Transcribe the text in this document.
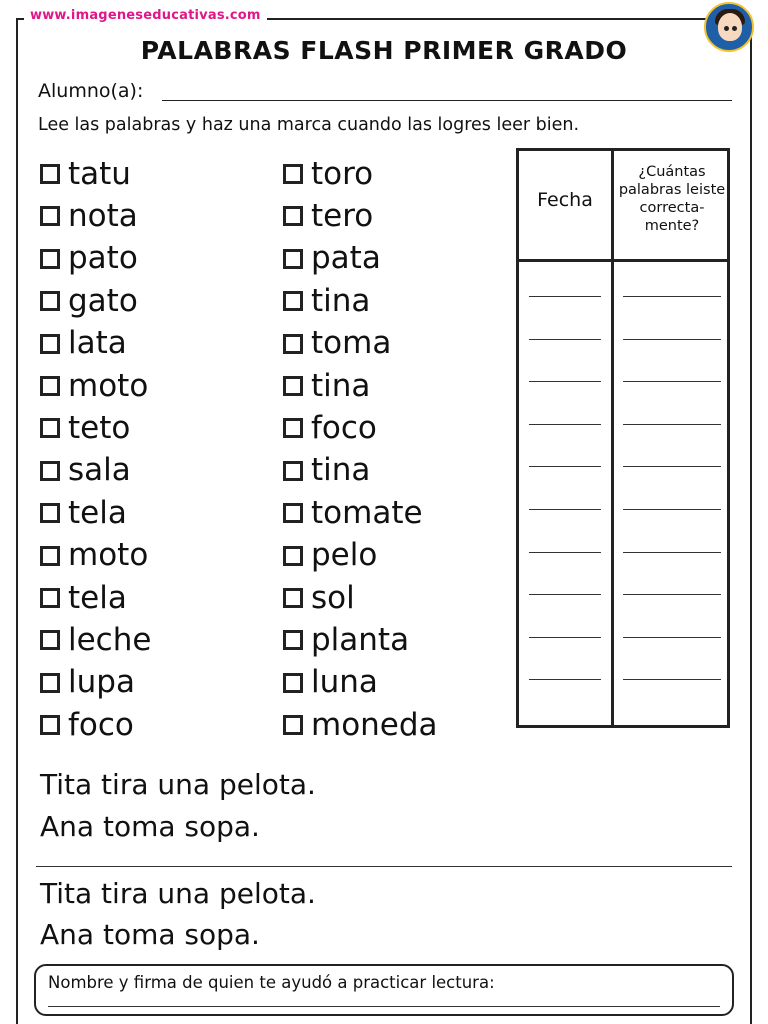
www.imageneseducativas.com
PALABRAS FLASH PRIMER GRADO
Alumno(a):
Lee las palabras y haz una marca cuando las logres leer bien.
tatu
nota
pato
gato
lata
moto
teto
sala
tela
moto
tela
leche
lupa
foco
toro
tero
pata
tina
toma
tina
foco
tina
tomate
pelo
sol
planta
luna
moneda
Fecha
¿Cuántas palabras leiste correcta- mente?
Tita tira una pelota.
Ana toma sopa.
Tita tira una pelota.
Ana toma sopa.
Nombre y firma de quien te ayudó a practicar lectura:
